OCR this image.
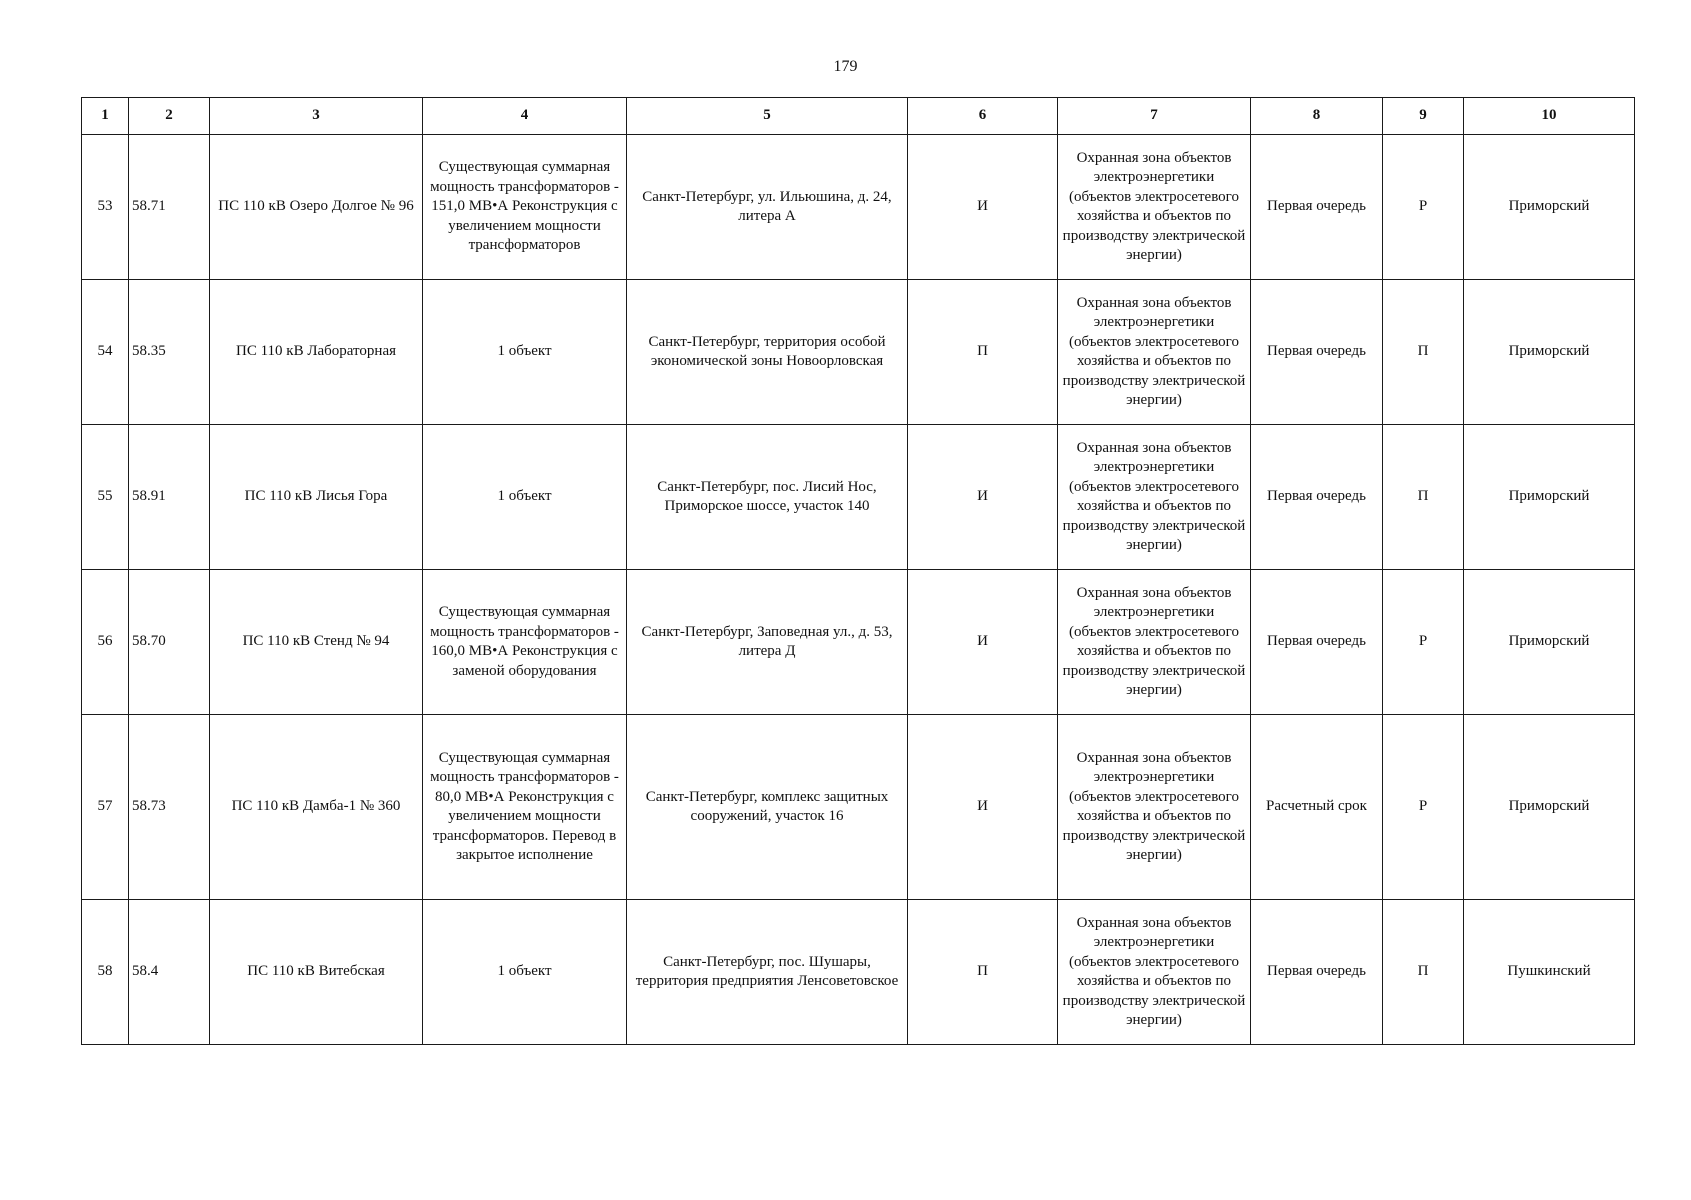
179
1	2	3	4	5	6	7	8	9	10
53	58.71	ПС 110 кВ Озеро Долгое № 96	Существующая суммарная мощность трансформаторов - 151,0 МВ•А Реконструкция с увеличением мощности трансформаторов	Санкт-Петербург, ул. Ильюшина, д. 24, литера А	И	Охранная зона объектов электроэнергетики (объектов электросетевого хозяйства и объектов по производству электрической энергии)	Первая очередь	Р	Приморский
54	58.35	ПС 110 кВ Лабораторная	1 объект	Санкт-Петербург, территория особой экономической зоны Новоорловская	П	Охранная зона объектов электроэнергетики (объектов электросетевого хозяйства и объектов по производству электрической энергии)	Первая очередь	П	Приморский
55	58.91	ПС 110 кВ Лисья Гора	1 объект	Санкт-Петербург, пос. Лисий Нос, Приморское шоссе, участок 140	И	Охранная зона объектов электроэнергетики (объектов электросетевого хозяйства и объектов по производству электрической энергии)	Первая очередь	П	Приморский
56	58.70	ПС 110 кВ Стенд № 94	Существующая суммарная мощность трансформаторов - 160,0 МВ•А Реконструкция с заменой оборудования	Санкт-Петербург, Заповедная ул., д. 53, литера Д	И	Охранная зона объектов электроэнергетики (объектов электросетевого хозяйства и объектов по производству электрической энергии)	Первая очередь	Р	Приморский
57	58.73	ПС 110 кВ Дамба-1 № 360	Существующая суммарная мощность трансформаторов - 80,0 МВ•А Реконструкция с увеличением мощности трансформаторов. Перевод в закрытое исполнение	Санкт-Петербург, комплекс защитных сооружений, участок 16	И	Охранная зона объектов электроэнергетики (объектов электросетевого хозяйства и объектов по производству электрической энергии)	Расчетный срок	Р	Приморский
58	58.4	ПС 110 кВ Витебская	1 объект	Санкт-Петербург, пос. Шушары, территория предприятия Ленсоветовское	П	Охранная зона объектов электроэнергетики (объектов электросетевого хозяйства и объектов по производству электрической энергии)	Первая очередь	П	Пушкинский
